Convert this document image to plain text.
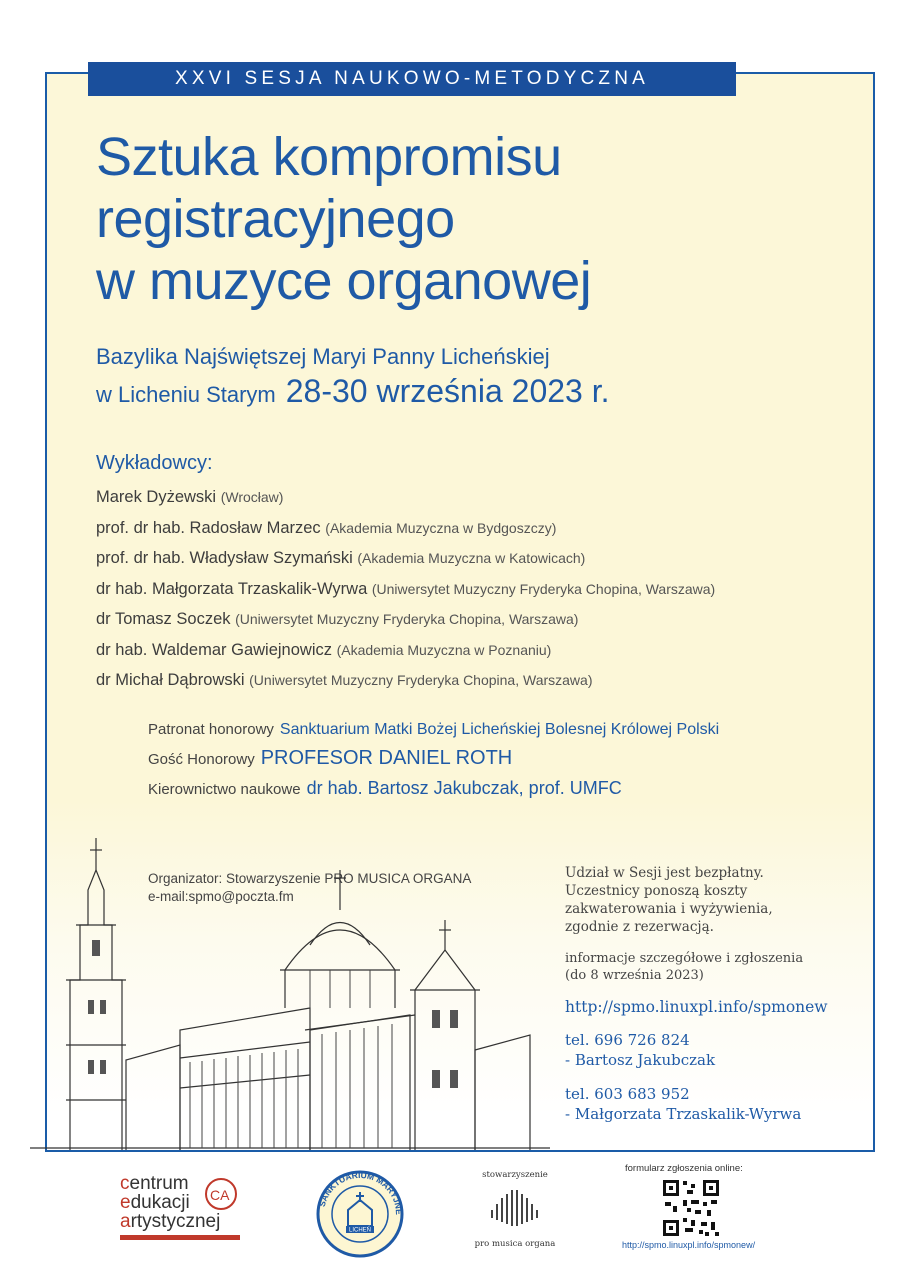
XXVI SESJA NAUKOWO-METODYCZNA
Sztuka kompromisu
registracyjnego
w muzyce organowej
Bazylika Najświętszej Maryi Panny Licheńskiej
w Licheniu Starym 28-30 września 2023 r.
Wykładowcy:
Marek Dyżewski (Wrocław)
prof. dr hab. Radosław Marzec (Akademia Muzyczna w Bydgoszczy)
prof. dr hab. Władysław Szymański (Akademia Muzyczna w Katowicach)
dr hab. Małgorzata Trzaskalik-Wyrwa (Uniwersytet Muzyczny Fryderyka Chopina, Warszawa)
dr Tomasz Soczek (Uniwersytet Muzyczny Fryderyka Chopina, Warszawa)
dr hab. Waldemar Gawiejnowicz (Akademia Muzyczna w Poznaniu)
dr Michał Dąbrowski (Uniwersytet Muzyczny Fryderyka Chopina, Warszawa)
Patronat honorowy Sanktuarium Matki Bożej Licheńskiej Bolesnej Królowej Polski
Gość Honorowy PROFESOR DANIEL ROTH
Kierownictwo naukowe dr hab. Bartosz Jakubczak, prof. UMFC
Organizator: Stowarzyszenie PRO MUSICA ORGANA
e-mail:spmo@poczta.fm
Udział w Sesji jest bezpłatny.
Uczestnicy ponoszą koszty
zakwaterowania i wyżywienia,
zgodnie z rezerwacją.
informacje szczegółowe i zgłoszenia
(do 8 września 2023)
http://spmo.linuxpl.info/spmonew
tel. 696 726 824
- Bartosz Jakubczak
tel. 603 683 952
- Małgorzata Trzaskalik-Wyrwa
centrum
edukacji
artystycznej
CA
SANKTUARIUM MARYJNE
LICHEŃ
stowarzyszenie
pro musica organa
formularz zgłoszenia online:
http://spmo.linuxpl.info/spmonew/
